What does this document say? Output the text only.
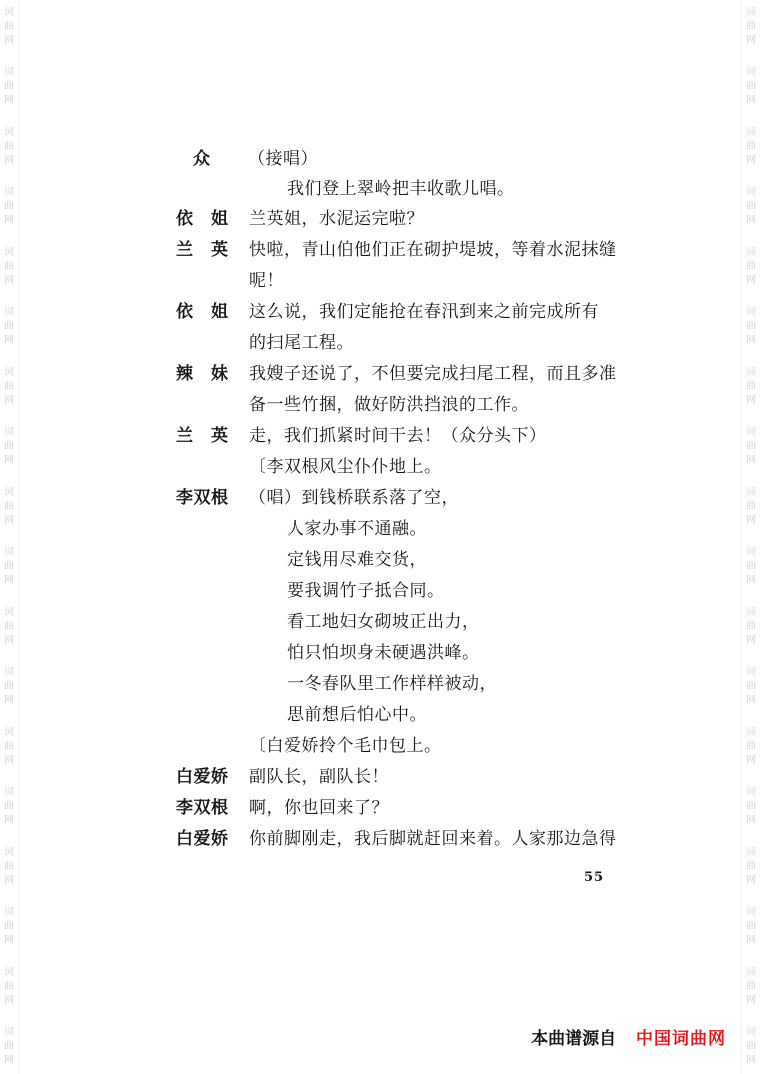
词
曲
网
词
曲
网
词
曲
网
词
曲
网
词
曲
网
词
曲
网
词
曲
网
词
曲
网
词
曲
网
词
曲
网
词
曲
网
词
曲
网
词
曲
网
词
曲
网
词
曲
网
词
曲
网
词
曲
网
词
曲
网
词
曲
网
词
曲
网
词
曲
网
词
曲
网
词
曲
网
词
曲
网
词
曲
网
词
曲
网
词
曲
网
词
曲
网
词
曲
网
词
曲
网
词
曲
网
词
曲
网
词
曲
网
词
曲
网
词
曲
网
词
曲
网
众 （接唱）
我们登上翠岭把丰收歌儿唱。
依　姐 兰英姐，水泥运完啦？
兰　英 快啦，青山伯他们正在砌护堤坡，等着水泥抹缝
呢！
依　姐 这么说，我们定能抢在春汛到来之前完成所有
的扫尾工程。
辣　妹 我嫂子还说了，不但要完成扫尾工程，而且多准
备一些竹捆，做好防洪挡浪的工作。
兰　英 走，我们抓紧时间干去！（众分头下）
〔李双根风尘仆仆地上。
李双根 （唱）到钱桥联系落了空，
人家办事不通融。
定钱用尽难交货，
要我调竹子抵合同。
看工地妇女砌坡正出力，
怕只怕坝身未硬遇洪峰。
一冬春队里工作样样被动，
思前想后怕心中。
〔白爱娇拎个毛巾包上。
白爱娇 副队长，副队长！
李双根 啊，你也回来了？
白爱娇 你前脚刚走，我后脚就赶回来着。人家那边急得
55
本曲谱源自 中国词曲网
